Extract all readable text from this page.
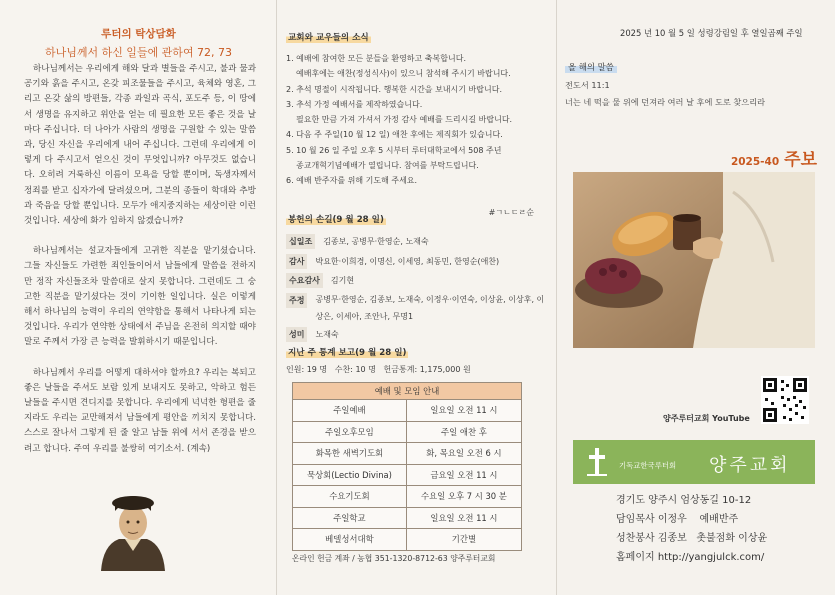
루터의 탁상담화
하나님께서 하신 일들에 관하여 72, 73

하나님께서는 우리에게 해와 달과 별들을 주시고, 불과 물과 공기와 흙을 주시고, 온갖 피조물들을 주시고, 육체와 영혼, 그리고 온갖 삶의 방편들, 각종 과일과 곡식, 포도주 등, 이 땅에서 생명을 유지하고 위안을 얻는 데 필요한 모든 좋은 것을 날마다 주십니다. 더 나아가 사람의 생명을 구원할 수 있는 말씀과, 당신 자신을 우리에게 내어 주십니다. 그런데 우리에게 이렇게 다 주시고서 얻으신 것이 무엇입니까? 아무것도 없습니다. 오히려 거룩하신 이름이 모욕을 당할 뿐이며, 독생자께서 정죄를 받고 십자가에 달려셨으며, 그분의 종들이 학대와 추방과 죽음을 당할 뿐입니다. 모두가 애지중지하는 세상이란 이런 것입니다. 세상에 화가 임하지 않겠습니까?

하나님께서는 설교자들에게 고귀한 직분을 맡기셨습니다. 그들 자신들도 가련한 죄인들이어서 남들에게 말씀을 전하지만 정작 자신들조차 말씀대로 살지 못합니다. 그런데도 그 숭고한 직분을 맡기셨다는 것이 기이한 일입니다. 실은 이렇게 해서 하나님의 능력이 우리의 연약함을 통해서 나타나게 되는 것입니다. 우리가 연약한 상태에서 주님을 온전히 의지할 때야말로 주께서 가장 큰 능력을 발휘하시기 때문입니다.

하나님께서 우리를 어떻게 대하셔야 할까요? 우리는 복되고 좋은 날들을 주셔도 보람 있게 보내지도 못하고, 악하고 험든 날들을 주시면 견디지를 못합니다. 우리에게 넉넉한 형편을 줄지라도 우리는 교만해져서 남들에게 평안을 끼치지 못합니다. 스스로 잘나서 그렇게 된 줄 알고 남들 위에 서서 존경을 받으려고 합니다. 주여 우리를 불쌍히 여기소서. (계속)

교회와 교우들의 소식
1. 예배에 참여한 모든 분들을 환영하고 축복합니다.
예배후에는 애찬(정성식사)이 있으니 참석해 주시기 바랍니다.
2. 추석 명절이 시작됩니다. 행복한 시간을 보내시기 바랍니다.
3. 추석 가정 예배서를 제작하였습니다.
필요한 만큼 가져 가셔서 가정 감사 예배를 드리시길 바랍니다.
4. 다음 주 주일(10 월 12 일) 애찬 후에는 제직회가 있습니다.
5. 10 월 26 일 주일 오후 5 시부터 루터대학교에서 508 주년
종교개혁기념예배가 열립니다. 참여를 부탁드립니다.
6. 예배 반주자를 위해 기도해 주세요.
봉헌의 손길(9 월 28 일)
#ㄱㄴㄷㄹ순
십일조	김종보, 공병무·한영순, 노재숙
감사	박요한·이희경, 이명신, 이세영, 최동민, 한영순(애찬)
수요감사	김기현
주정	공병무·한영순, 김종보, 노재숙, 이정우·이연숙, 이상윤, 이상후, 이상은, 이세아, 조안나, 무명1
성미	노재숙
지난 주 통계 보고(9 월 28 일)
인원: 19 명   수찬: 10 명   헌금통계: 1,175,000 원
예배 및 모임 안내	
주일예배	일요일 오전 11 시
주일오후모임	주일 애찬 후
화목한 새벽기도회	화, 목요일 오전 6 시
묵상회(Lectio Divina)	금요일 오전 11 시
수요기도회	수요일 오후 7 시 30 분
주일학교	일요일 오전 11 시
베델성서대학	기간별
온라인 헌금 계좌 / 농협 351-1320-8712-63 양주루터교회
2025 년 10 월 5 일 성령강림일 후 열일곱째 주일
올 해의 말씀
전도서 11:1
너는 네 떡을 물 위에 던져라 여러 날 후에 도로 찾으리라
2025-40 주보
양주루터교회 YouTube
기독교한국루터회 양주교회
경기도 양주시 엄상동길 10-12
담임목사 이정우    예배반주
성찬봉사 김종보   촛불점화 이상윤
홈페이지 http://yangjulck.com/
